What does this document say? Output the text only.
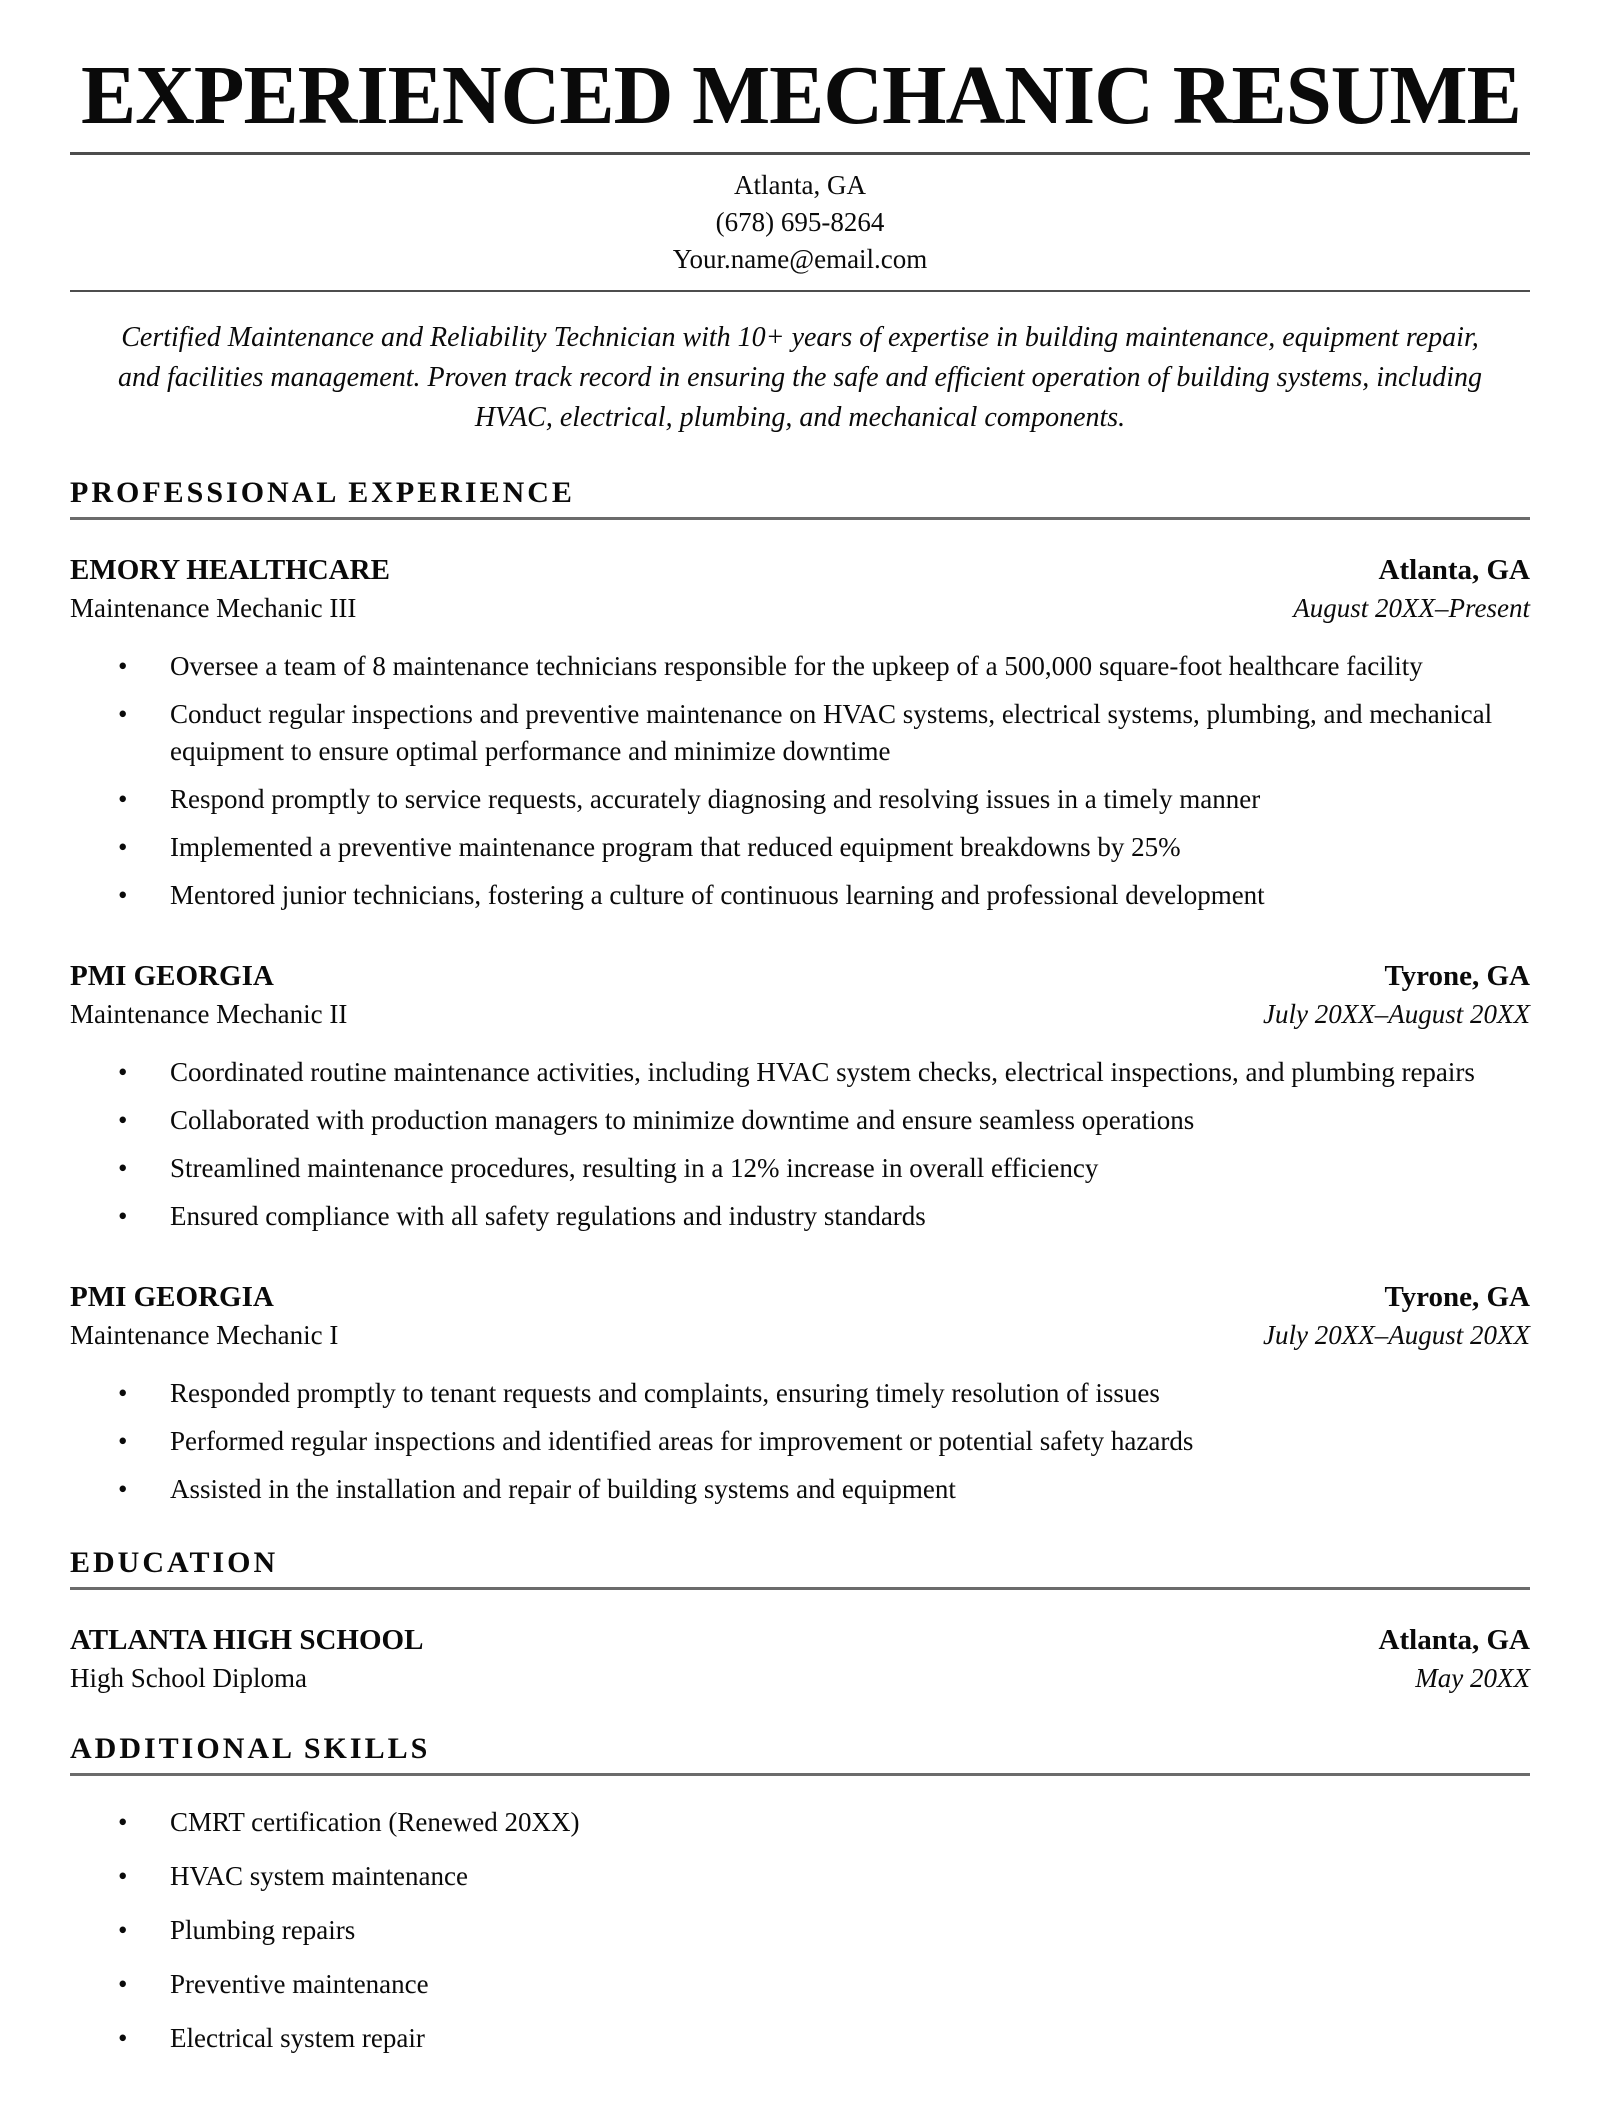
EXPERIENCED MECHANIC RESUME
Atlanta, GA
(678) 695-8264
Your.name@email.com

Certified Maintenance and Reliability Technician with 10+ years of expertise in building maintenance, equipment repair, and facilities management. Proven track record in ensuring the safe and efficient operation of building systems, including HVAC, electrical, plumbing, and mechanical components.

PROFESSIONAL EXPERIENCE
EMORY HEALTHCARE	Atlanta, GA
Maintenance Mechanic III	August 20XX–Present
• Oversee a team of 8 maintenance technicians responsible for the upkeep of a 500,000 square-foot healthcare facility
• Conduct regular inspections and preventive maintenance on HVAC systems, electrical systems, plumbing, and mechanical equipment to ensure optimal performance and minimize downtime
• Respond promptly to service requests, accurately diagnosing and resolving issues in a timely manner
• Implemented a preventive maintenance program that reduced equipment breakdowns by 25%
• Mentored junior technicians, fostering a culture of continuous learning and professional development
PMI GEORGIA	Tyrone, GA
Maintenance Mechanic II	July 20XX–August 20XX
• Coordinated routine maintenance activities, including HVAC system checks, electrical inspections, and plumbing repairs
• Collaborated with production managers to minimize downtime and ensure seamless operations
• Streamlined maintenance procedures, resulting in a 12% increase in overall efficiency
• Ensured compliance with all safety regulations and industry standards
PMI GEORGIA	Tyrone, GA
Maintenance Mechanic I	July 20XX–August 20XX
• Responded promptly to tenant requests and complaints, ensuring timely resolution of issues
• Performed regular inspections and identified areas for improvement or potential safety hazards
• Assisted in the installation and repair of building systems and equipment
EDUCATION
ATLANTA HIGH SCHOOL	Atlanta, GA
High School Diploma	May 20XX
ADDITIONAL SKILLS
• CMRT certification (Renewed 20XX)
• HVAC system maintenance
• Plumbing repairs
• Preventive maintenance
• Electrical system repair
